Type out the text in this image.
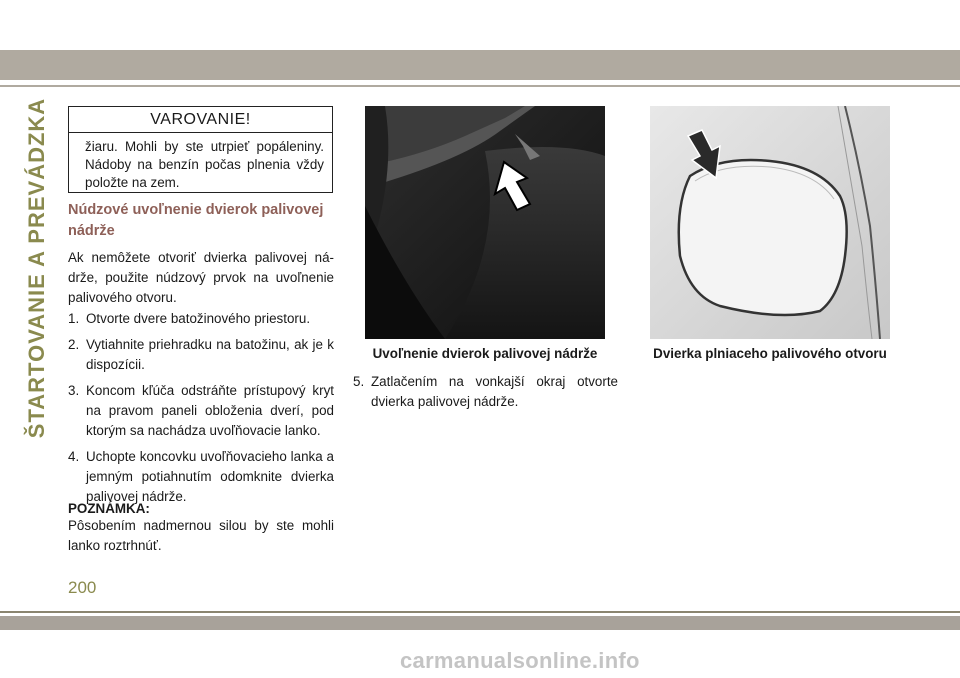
ŠTARTOVANIE A PREVÁDZKA	VAROVANIE!
žiaru. Mohli by ste utrpieť popáleniny. Nádoby na benzín počas plnenia vždy položte na zem.
Núdzové uvoľnenie dvierok palivovej nádrže
Ak nemôžete otvoriť dvierka palivovej ná-drže, použite núdzový prvok na uvoľnenie palivového otvoru.
1. Otvorte dvere batožinového priestoru.
2. Vytiahnite priehradku na batožinu, ak je k dispozícii.
3. Koncom kľúča odstráňte prístupový kryt na pravom paneli obloženia dverí, pod ktorým sa nachádza uvoľňovacie lanko.
4. Uchopte koncovku uvoľňovacieho lanka a jemným potiahnutím odomknite dvierka palivovej nádrže.
POZNÁMKA:
Pôsobením nadmernou silou by ste mohli lanko roztrhnúť.
Uvoľnenie dvierok palivovej nádrže	Dvierka plniaceho palivového otvoru
5. Zatlačením na vonkajší okraj otvorte dvierka palivovej nádrže.
200
carmanualsonline.info
